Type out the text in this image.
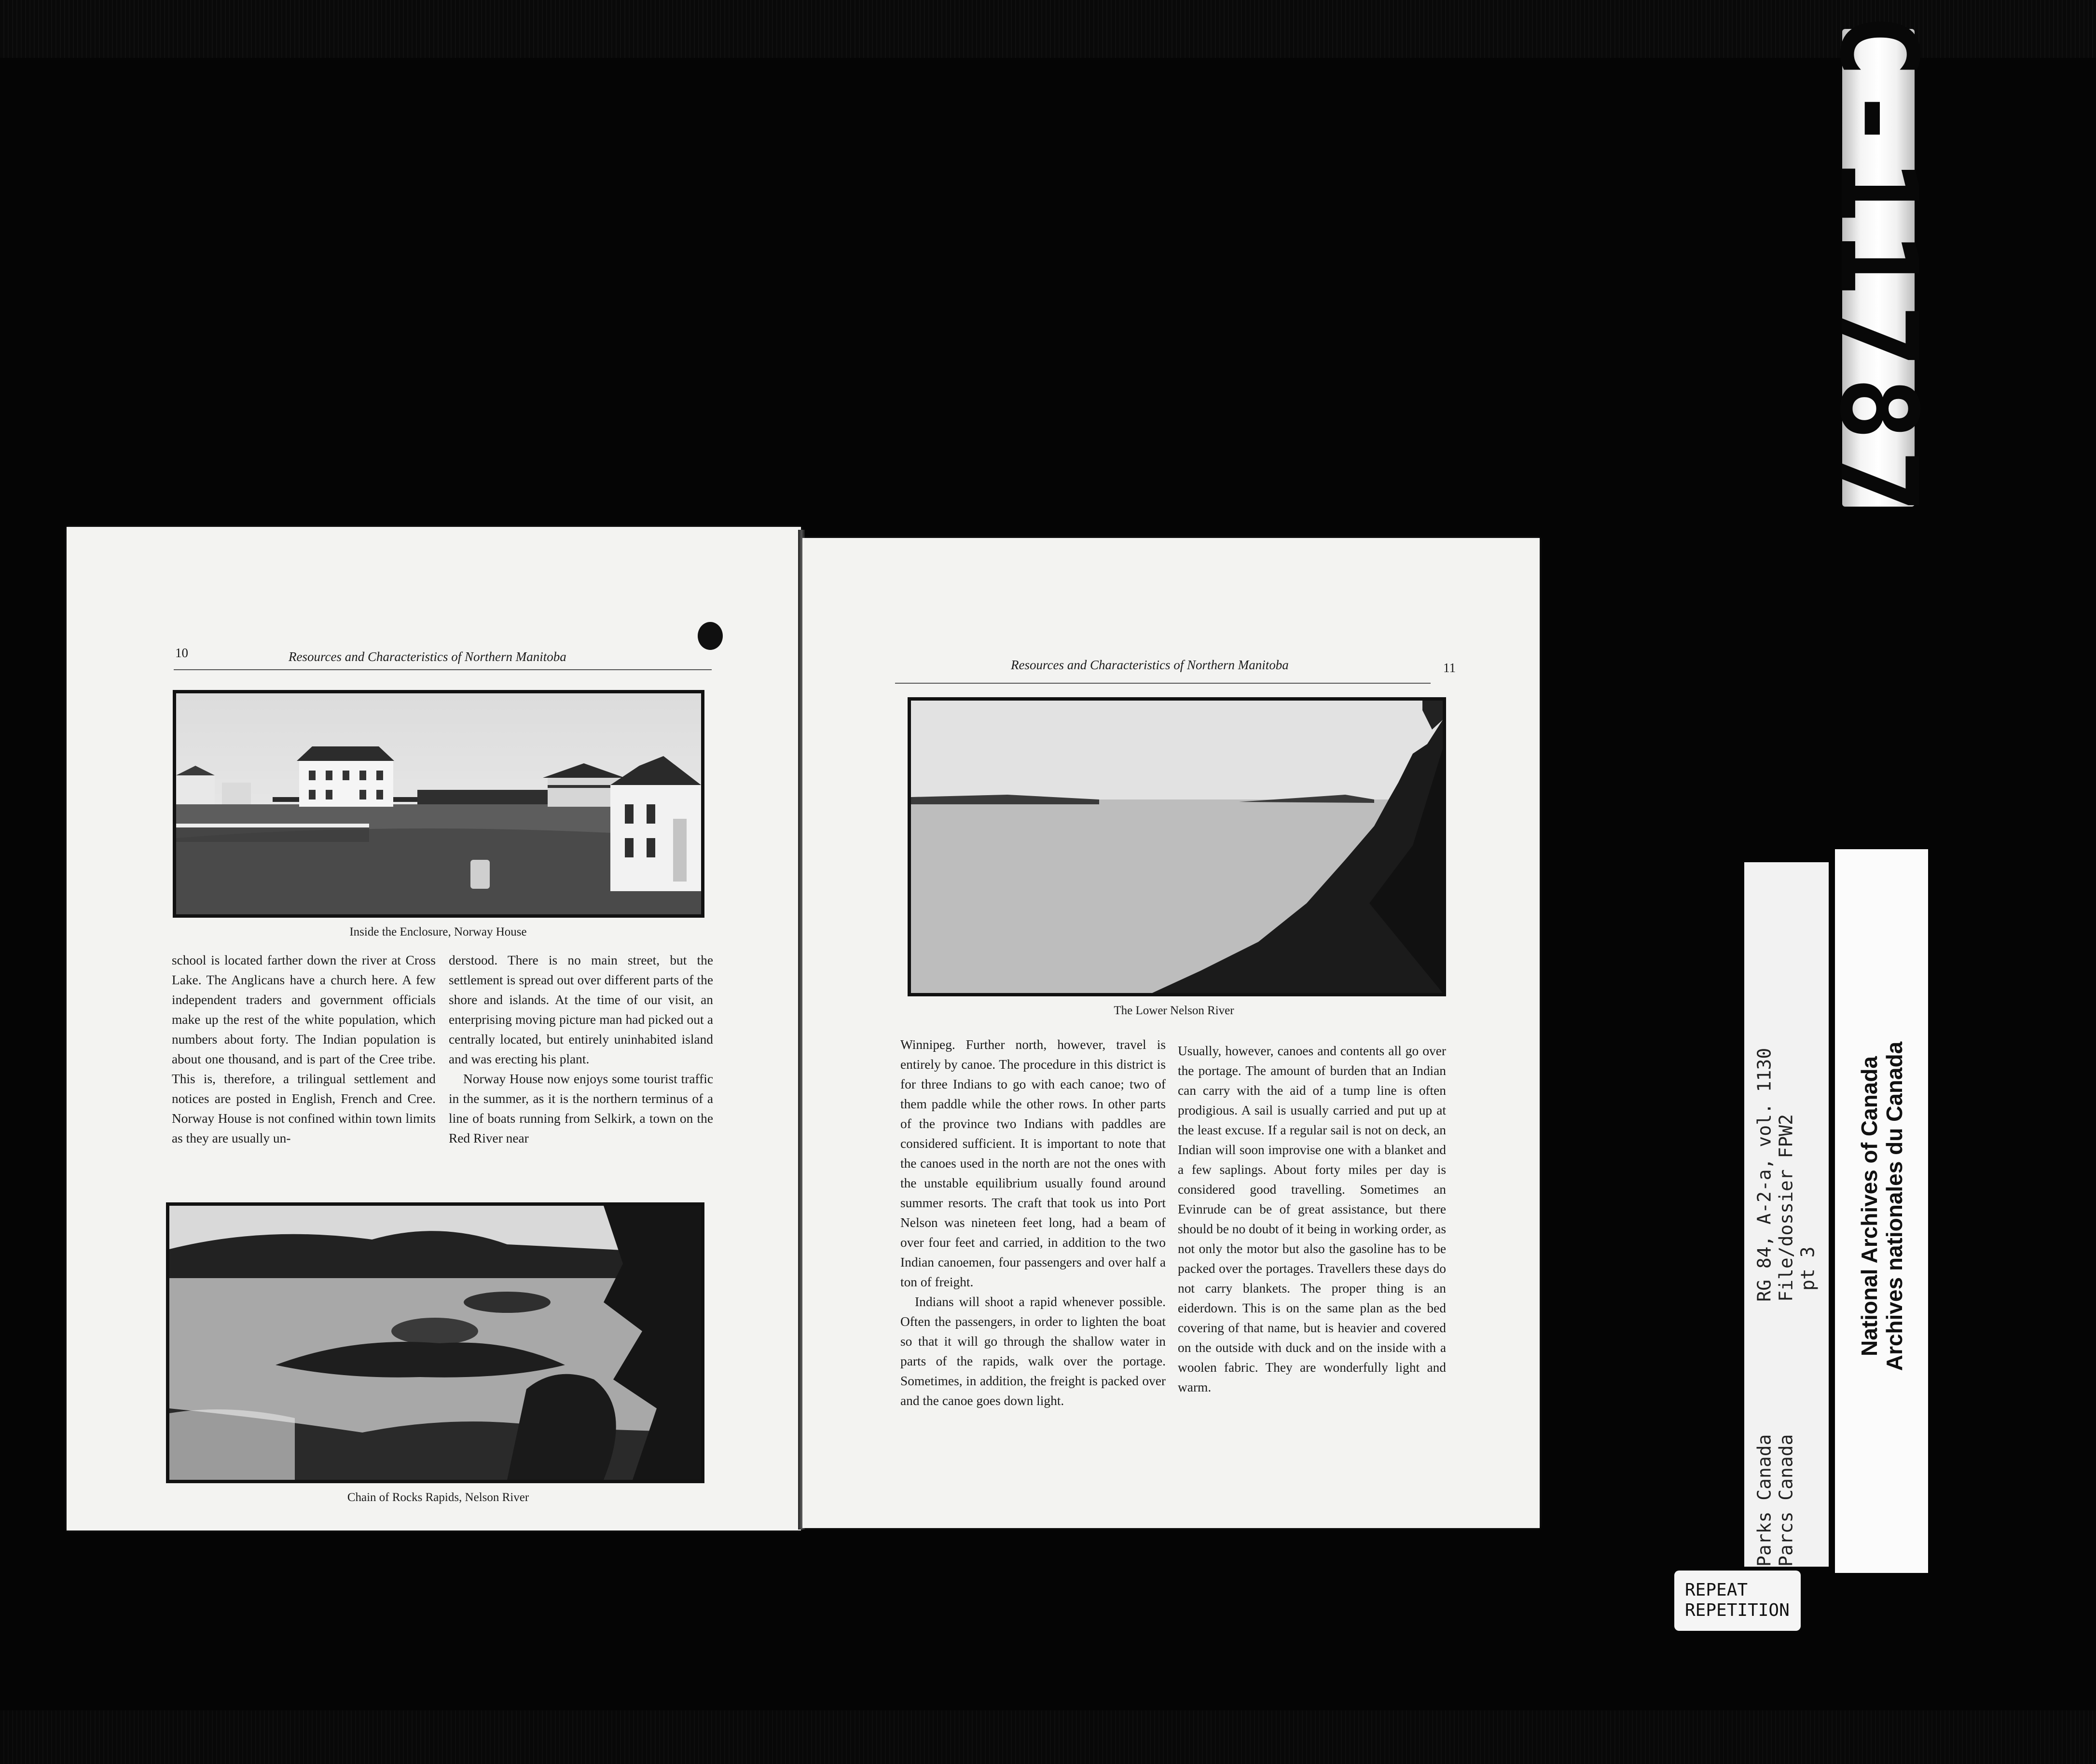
C-11787
10	Resources and Characteristics of Northern Manitoba
Inside the Enclosure, Norway House

school is located farther down the river at Cross Lake. The Anglicans have a church here. A few independent traders and government officials make up the rest of the white population, which numbers about forty. The Indian population is about one thousand, and is part of the Cree tribe. This is, therefore, a trilingual settlement and notices are posted in English, French and Cree. Norway House is not confined within town limits as they are usually un-

derstood. There is no main street, but the settlement is spread out over different parts of the shore and islands. At the time of our visit, an enterprising moving picture man had picked out a centrally located, but entirely uninhabited island and was erecting his plant.

Norway House now enjoys some tourist traffic in the summer, as it is the northern terminus of a line of boats running from Selkirk, a town on the Red River near

Chain of Rocks Rapids, Nelson River
Resources and Characteristics of Northern Manitoba	11
The Lower Nelson River

Winnipeg. Further north, however, travel is entirely by canoe. The procedure in this district is for three Indians to go with each canoe; two of them paddle while the other rows. In other parts of the province two Indians with paddles are considered sufficient. It is important to note that the canoes used in the north are not the ones with the unstable equilibrium usually found around summer resorts. The craft that took us into Port Nelson was nineteen feet long, had a beam of over four feet and carried, in addition to the two Indian canoemen, four passengers and over half a ton of freight.

Indians will shoot a rapid whenever possible. Often the passengers, in order to lighten the boat so that it will go through the shallow water in parts of the rapids, walk over the portage. Sometimes, in addition, the freight is packed over and the canoe goes down light.

Usually, however, canoes and contents all go over the portage. The amount of burden that an Indian can carry with the aid of a tump line is often prodigious. A sail is usually carried and put up at the least excuse. If a regular sail is not on deck, an Indian will soon improvise one with a blanket and a few saplings. About forty miles per day is considered good travelling. Sometimes an Evinrude can be of great assistance, but there should be no doubt of it being in working order, as not only the motor but also the gasoline has to be packed over the portages. Travellers these days do not carry blankets. The proper thing is an eiderdown. This is on the same plan as the bed covering of that name, but is heavier and covered on the outside with duck and on the inside with a woolen fabric. They are wonderfully light and warm.

Parks Canada            RG 84, A-2-a, vol. 1130
Parcs Canada            File/dossier FPW2
pt 3 National Archives of Canada Archives nationales du Canada
REPEAT
REPETITION
